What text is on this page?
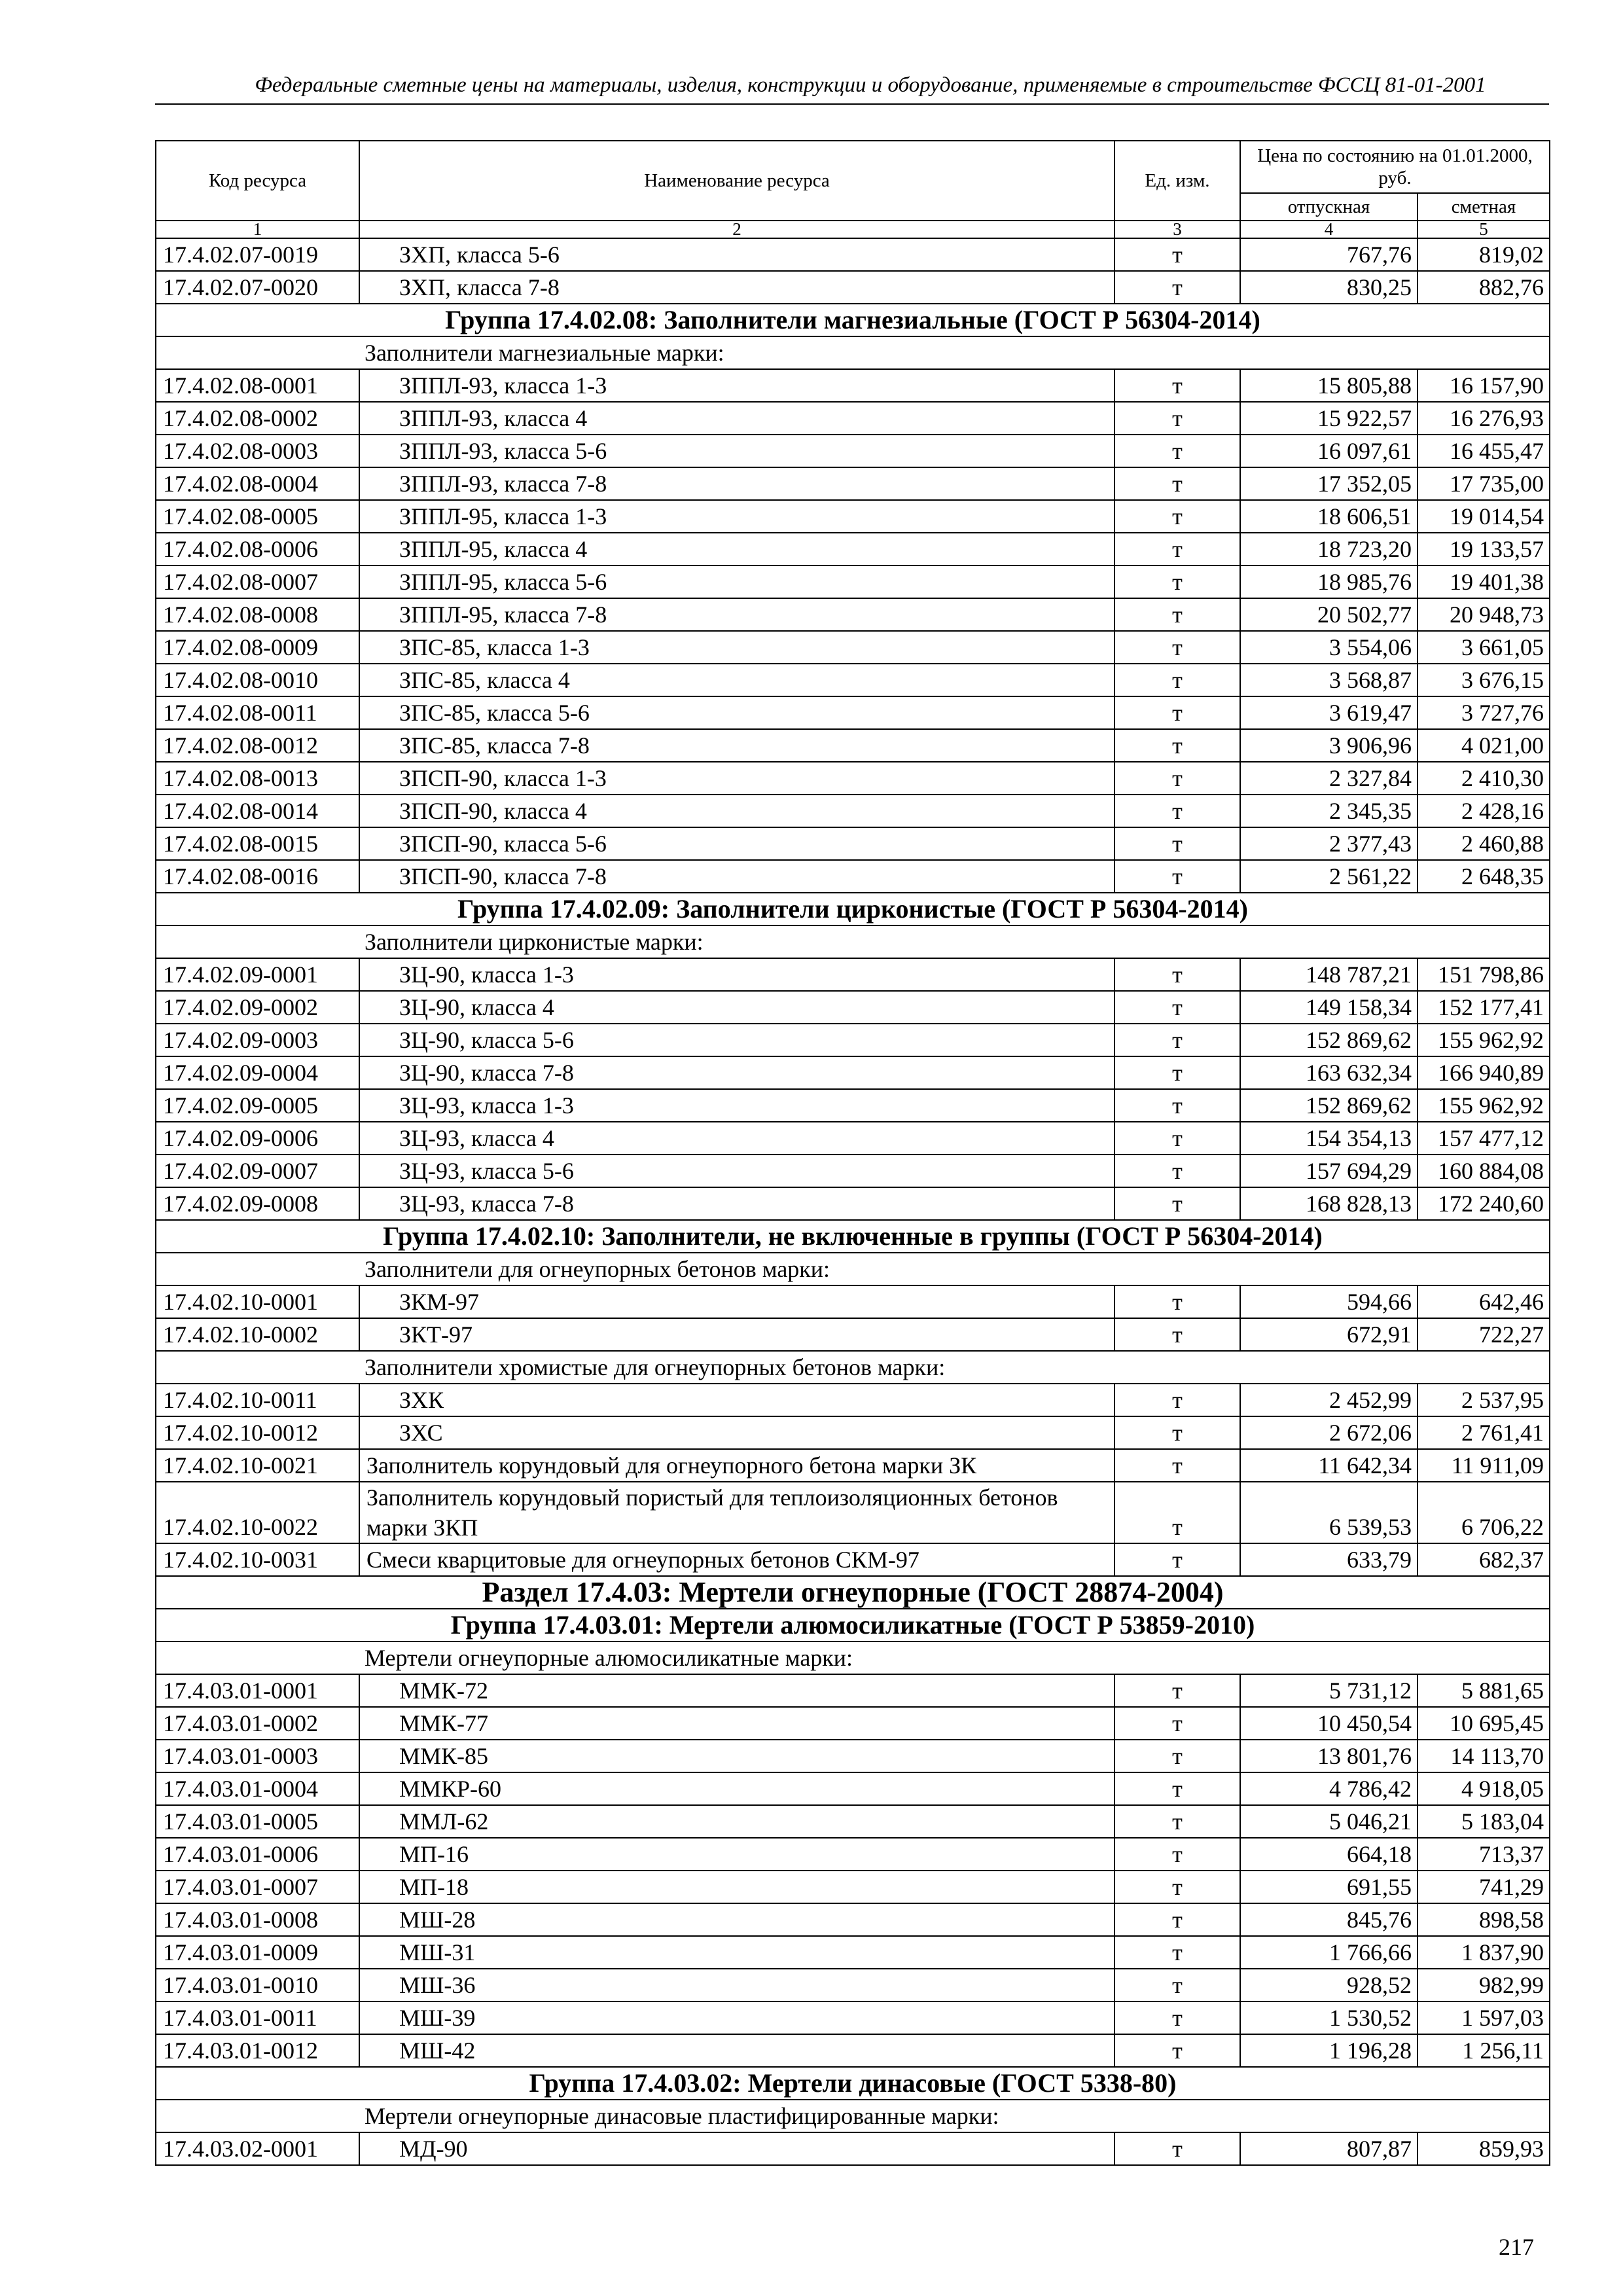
Федеральные сметные цены на материалы, изделия, конструкции и оборудование, применяемые в строительстве ФССЦ 81-01-2001
Код ресурса	Наименование ресурса	Ед. изм.	Цена по состоянию на 01.01.2000, руб.	
			отпускная	сметная
1	2	3	4	5
17.4.02.07-0019	ЗХП, класса 5-6	т	767,76	819,02
17.4.02.07-0020	ЗХП, класса 7-8	т	830,25	882,76
Группа 17.4.02.08: Заполнители магнезиальные (ГОСТ Р 56304-2014)				
Заполнители магнезиальные марки:				
17.4.02.08-0001	ЗППЛ-93, класса 1-3	т	15 805,88	16 157,90
17.4.02.08-0002	ЗППЛ-93, класса 4	т	15 922,57	16 276,93
17.4.02.08-0003	ЗППЛ-93, класса 5-6	т	16 097,61	16 455,47
17.4.02.08-0004	ЗППЛ-93, класса 7-8	т	17 352,05	17 735,00
17.4.02.08-0005	ЗППЛ-95, класса 1-3	т	18 606,51	19 014,54
17.4.02.08-0006	ЗППЛ-95, класса 4	т	18 723,20	19 133,57
17.4.02.08-0007	ЗППЛ-95, класса 5-6	т	18 985,76	19 401,38
17.4.02.08-0008	ЗППЛ-95, класса 7-8	т	20 502,77	20 948,73
17.4.02.08-0009	ЗПС-85, класса 1-3	т	3 554,06	3 661,05
17.4.02.08-0010	ЗПС-85, класса 4	т	3 568,87	3 676,15
17.4.02.08-0011	ЗПС-85, класса 5-6	т	3 619,47	3 727,76
17.4.02.08-0012	ЗПС-85, класса 7-8	т	3 906,96	4 021,00
17.4.02.08-0013	ЗПСП-90, класса 1-3	т	2 327,84	2 410,30
17.4.02.08-0014	ЗПСП-90, класса 4	т	2 345,35	2 428,16
17.4.02.08-0015	ЗПСП-90, класса 5-6	т	2 377,43	2 460,88
17.4.02.08-0016	ЗПСП-90, класса 7-8	т	2 561,22	2 648,35
Группа 17.4.02.09: Заполнители цирконистые (ГОСТ Р 56304-2014)				
Заполнители цирконистые марки:				
17.4.02.09-0001	ЗЦ-90, класса 1-3	т	148 787,21	151 798,86
17.4.02.09-0002	ЗЦ-90, класса 4	т	149 158,34	152 177,41
17.4.02.09-0003	ЗЦ-90, класса 5-6	т	152 869,62	155 962,92
17.4.02.09-0004	ЗЦ-90, класса 7-8	т	163 632,34	166 940,89
17.4.02.09-0005	ЗЦ-93, класса 1-3	т	152 869,62	155 962,92
17.4.02.09-0006	ЗЦ-93, класса 4	т	154 354,13	157 477,12
17.4.02.09-0007	ЗЦ-93, класса 5-6	т	157 694,29	160 884,08
17.4.02.09-0008	ЗЦ-93, класса 7-8	т	168 828,13	172 240,60
Группа 17.4.02.10: Заполнители, не включенные в группы (ГОСТ Р 56304-2014)				
Заполнители для огнеупорных бетонов марки:				
17.4.02.10-0001	ЗКМ-97	т	594,66	642,46
17.4.02.10-0002	ЗКТ-97	т	672,91	722,27
Заполнители хромистые для огнеупорных бетонов марки:				
17.4.02.10-0011	ЗХК	т	2 452,99	2 537,95
17.4.02.10-0012	ЗХС	т	2 672,06	2 761,41
17.4.02.10-0021	Заполнитель корундовый для огнеупорного бетона марки ЗК	т	11 642,34	11 911,09
17.4.02.10-0022	Заполнитель корундовый пористый для теплоизоляционных бетонов марки ЗКП	т	6 539,53	6 706,22
17.4.02.10-0031	Смеси кварцитовые для огнеупорных бетонов СКМ-97	т	633,79	682,37
Раздел 17.4.03: Мертели огнеупорные (ГОСТ 28874-2004)				
Группа 17.4.03.01: Мертели алюмосиликатные (ГОСТ Р 53859-2010)				
Мертели огнеупорные алюмосиликатные марки:				
17.4.03.01-0001	ММК-72	т	5 731,12	5 881,65
17.4.03.01-0002	ММК-77	т	10 450,54	10 695,45
17.4.03.01-0003	ММК-85	т	13 801,76	14 113,70
17.4.03.01-0004	ММКР-60	т	4 786,42	4 918,05
17.4.03.01-0005	ММЛ-62	т	5 046,21	5 183,04
17.4.03.01-0006	МП-16	т	664,18	713,37
17.4.03.01-0007	МП-18	т	691,55	741,29
17.4.03.01-0008	МШ-28	т	845,76	898,58
17.4.03.01-0009	МШ-31	т	1 766,66	1 837,90
17.4.03.01-0010	МШ-36	т	928,52	982,99
17.4.03.01-0011	МШ-39	т	1 530,52	1 597,03
17.4.03.01-0012	МШ-42	т	1 196,28	1 256,11
Группа 17.4.03.02: Мертели динасовые (ГОСТ 5338-80)				
Мертели огнеупорные динасовые пластифицированные марки:				
17.4.03.02-0001	МД-90	т	807,87	859,93
217
